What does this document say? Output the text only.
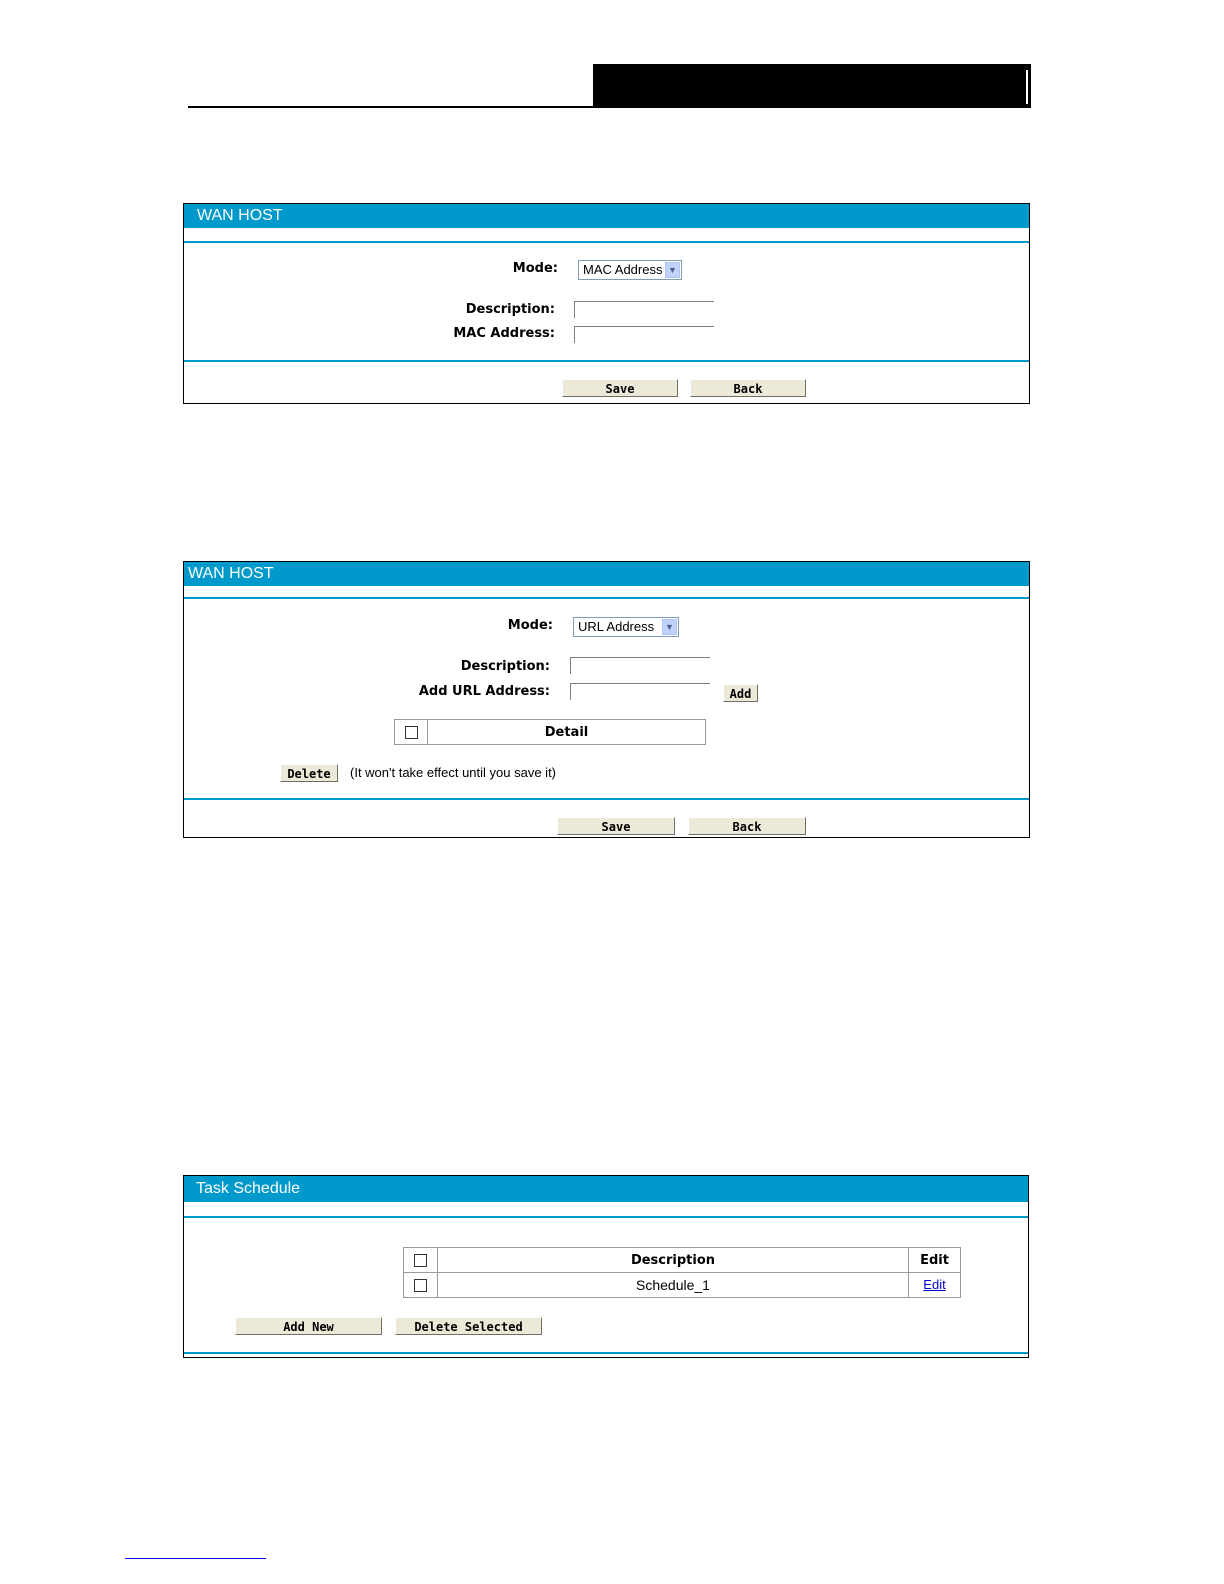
WAN HOST
Mode:	MAC Address ▼
Description:
MAC Address:
Save	Back
WAN HOST
Mode:	URL Address	▼
Description:
Add URL Address:	Add
	Detail
Delete	(It won't take effect until you save it)
Save	Back
Task Schedule
	Description	Edit
	Schedule_1	Edit
Add New	Delete Selected
